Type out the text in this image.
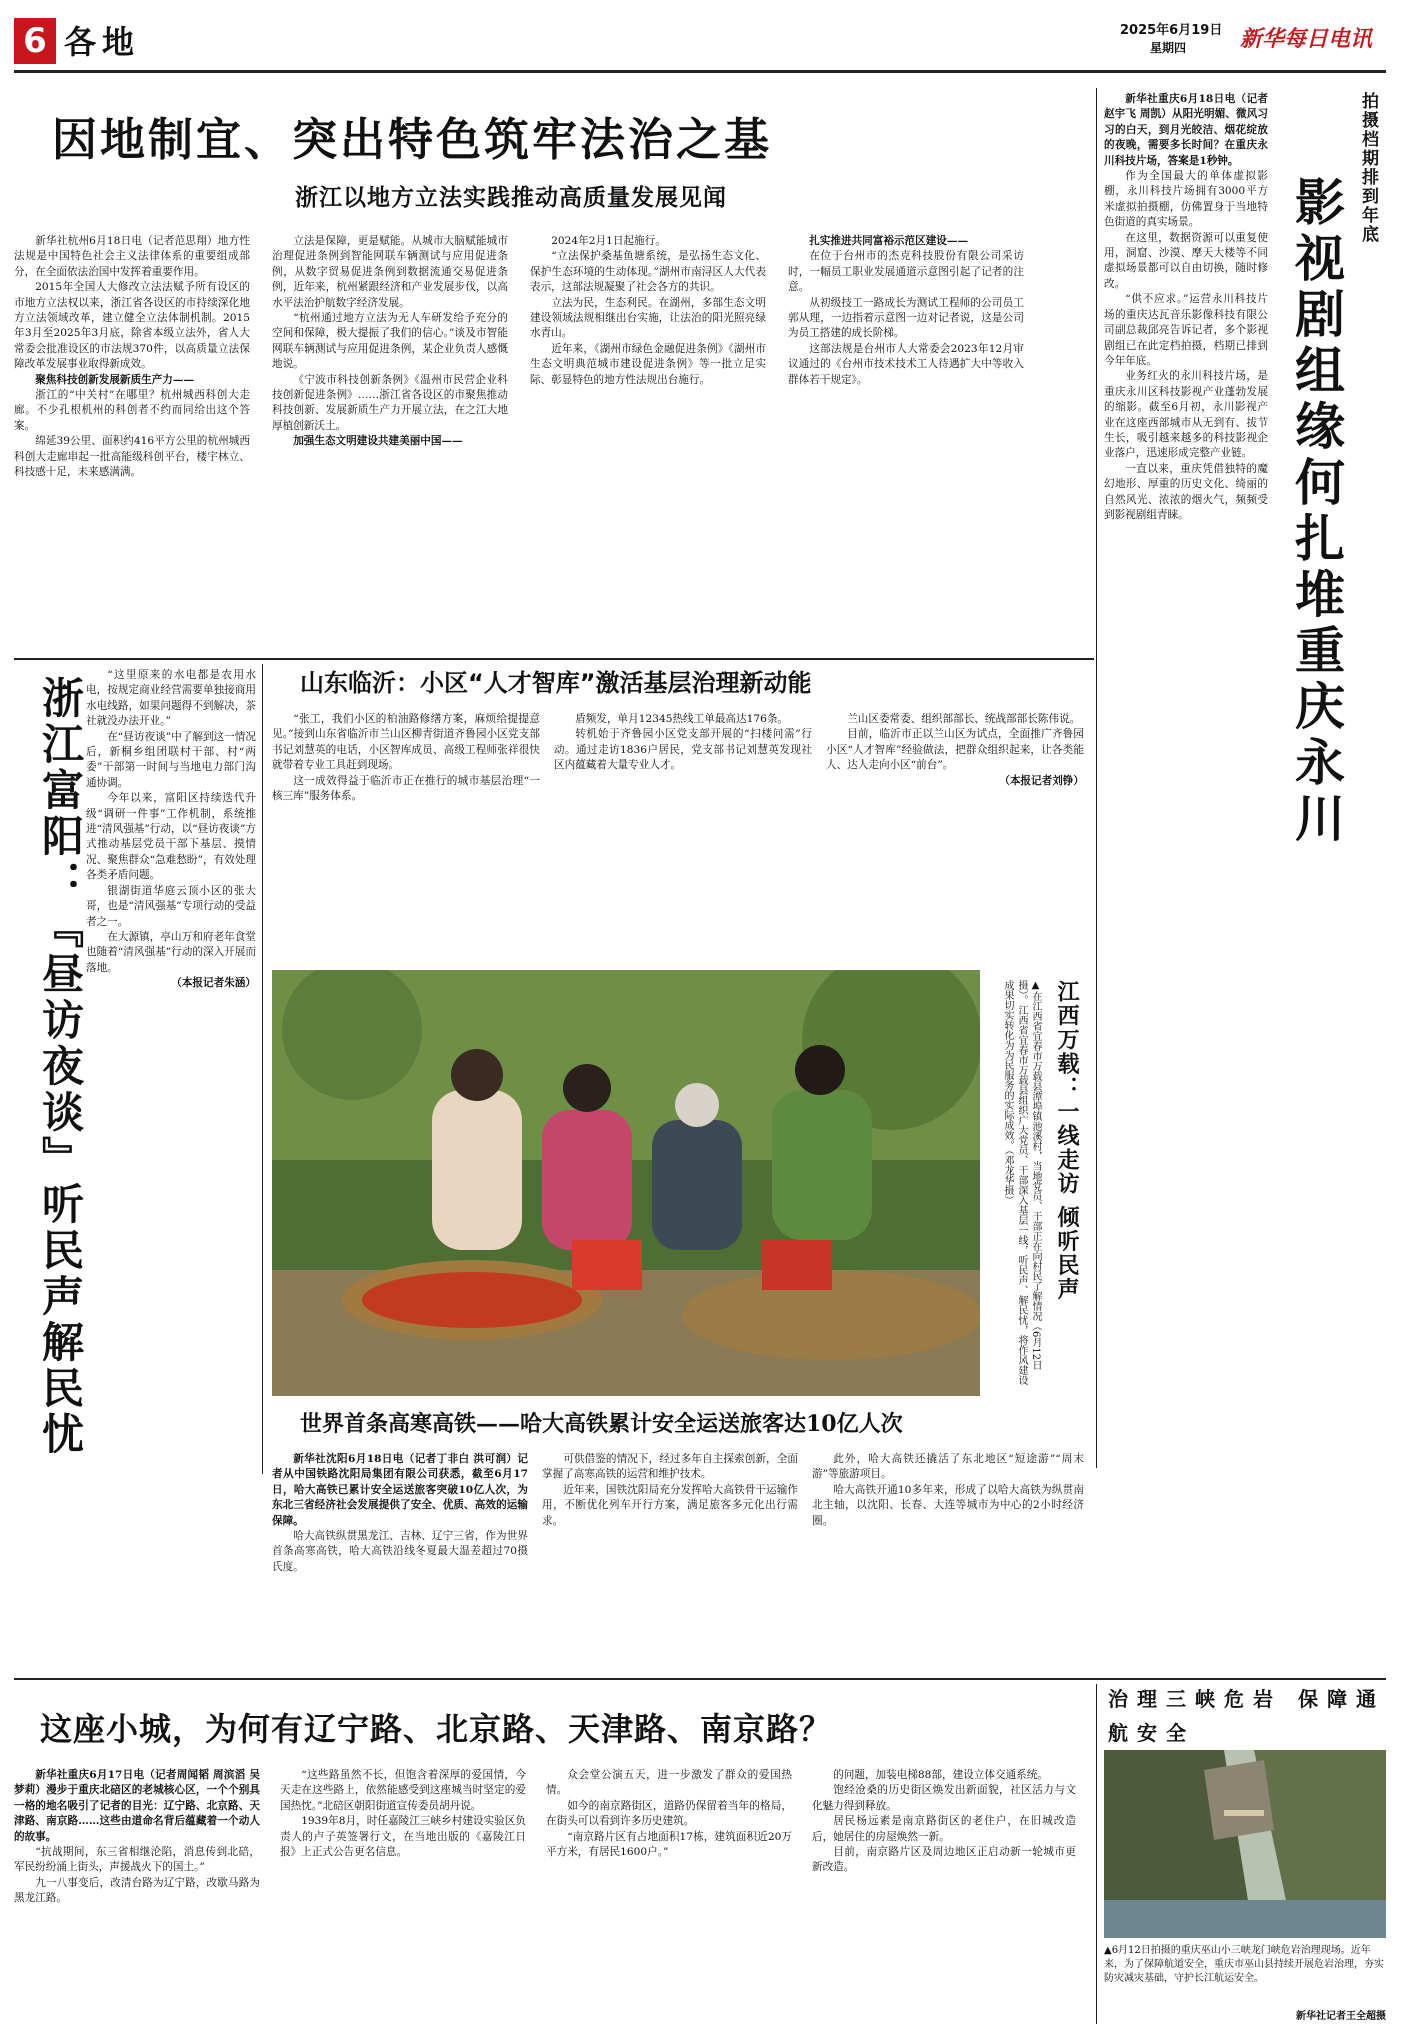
6 各地	2025年6月19日
星期四 新华每日电讯
因地制宜、突出特色筑牢法治之基
浙江以地方立法实践推动高质量发展见闻

新华社杭州6月18日电（记者范思翔）地方性法规是中国特色社会主义法律体系的重要组成部分，在全面依法治国中发挥着重要作用。

2015年全国人大修改立法法赋予所有设区的市地方立法权以来，浙江省各设区的市持续深化地方立法领域改革，建立健全立法体制机制。2015年3月至2025年3月底，除省本级立法外，省人大常委会批准设区的市法规370件，以高质量立法保障改革发展事业取得新成效。

聚焦科技创新发展新质生产力——

浙江的“中关村”在哪里？杭州城西科创大走廊。不少孔根机州的科创者不约而同给出这个答案。

绵延39公里、面积约416平方公里的杭州城西科创大走廊串起一批高能级科创平台，楼宇林立、科技感十足，未来感满满。

立法是保障，更是赋能。从城市大脑赋能城市治理促进条例到智能网联车辆测试与应用促进条例，从数字贸易促进条例到数据流通交易促进条例，近年来，杭州紧跟经济和产业发展步伐，以高水平法治护航数字经济发展。

“杭州通过地方立法为无人车研发给予充分的空间和保障，极大提振了我们的信心。”谈及市智能网联车辆测试与应用促进条例，某企业负责人感慨地说。

《宁波市科技创新条例》《温州市民营企业科技创新促进条例》……浙江省各设区的市聚焦推动科技创新、发展新质生产力开展立法，在之江大地厚植创新沃土。

加强生态文明建设共建美丽中国——

2024年2月1日起施行。

“立法保护桑基鱼塘系统，是弘扬生态文化、保护生态环境的生动体现。”湖州市南浔区人大代表表示，这部法规凝聚了社会各方的共识。

立法为民，生态利民。在湖州，多部生态文明建设领域法规相继出台实施，让法治的阳光照亮绿水青山。

近年来，《湖州市绿色金融促进条例》《湖州市生态文明典范城市建设促进条例》等一批立足实际、彰显特色的地方性法规出台施行。

扎实推进共同富裕示范区建设——

在位于台州市的杰克科技股份有限公司采访时，一幅员工职业发展通道示意图引起了记者的注意。

从初级技工一路成长为测试工程师的公司员工郭从理，一边指着示意图一边对记者说，这是公司为员工搭建的成长阶梯。

这部法规是台州市人大常委会2023年12月审议通过的《台州市技术技术工人待遇扩大中等收入群体若干规定》。

拍摄档期排到年底
影视剧组缘何扎堆重庆永川

新华社重庆6月18日电（记者赵宇飞 周凯）从阳光明媚、微风习习的白天，到月光皎洁、烟花绽放的夜晚，需要多长时间？在重庆永川科技片场，答案是1秒钟。

作为全国最大的单体虚拟影棚，永川科技片场拥有3000平方米虚拟拍摄棚，仿佛置身于当地特色街道的真实场景。

在这里，数据资源可以重复使用，洞窟、沙漠、摩天大楼等不同虚拟场景都可以自由切换，随时修改。

“供不应求。”运营永川科技片场的重庆达瓦音乐影像科技有限公司副总裁邱亮告诉记者，多个影视剧组已在此定档拍摄，档期已排到今年年底。

业务红火的永川科技片场，是重庆永川区科技影视产业蓬勃发展的缩影。截至6月初，永川影视产业在这座西部城市从无到有、拔节生长，吸引越来越多的科技影视企业落户，迅速形成完整产业链。

一直以来，重庆凭借独特的魔幻地形、厚重的历史文化、绮丽的自然风光、浓浓的烟火气，频频受到影视剧组青睐。

山东临沂：小区“人才智库”激活基层治理新动能

“张工，我们小区的柏油路修缮方案，麻烦给提提意见。”接到山东省临沂市兰山区柳青街道齐鲁园小区党支部书记刘慧英的电话，小区智库成员、高级工程师张祥很快就带着专业工具赶到现场。

这一成效得益于临沂市正在推行的城市基层治理“一核三库”服务体系。

盾频发，单月12345热线工单最高达176条。

转机始于齐鲁园小区党支部开展的“扫楼问需”行动。通过走访1836户居民，党支部书记刘慧英发现社区内蕴藏着大量专业人才。

兰山区委常委、组织部部长、统战部部长陈伟说。

目前，临沂市正以兰山区为试点，全面推广齐鲁园小区“人才智库”经验做法，把群众组织起来，让各类能人、达人走向小区“前台”。

（本报记者刘铮）

浙江富阳：『昼访夜谈』听民声解民忧

“这里原来的水电都是农用水电，按规定商业经营需要单独接商用水电线路，如果问题得不到解决，茶社就没办法开业。”

在“昼访夜谈”中了解到这一情况后，新桐乡组团联村干部、村“两委”干部第一时间与当地电力部门沟通协调。

今年以来，富阳区持续迭代升级“调研一件事”工作机制，系统推进“清风强基”行动，以“昼访夜谈”方式推动基层党员干部下基层、摸情况、聚焦群众“急难愁盼”，有效处理各类矛盾问题。

银湖街道华庭云顶小区的张大哥，也是“清风强基”专项行动的受益者之一。

在大源镇，亭山万和府老年食堂也随着“清风强基”行动的深入开展而落地。

（本报记者朱涵）	江西万载：一线走访 倾听民声
▲在江西省宜春市万载县潭埠镇池溪村，当地党员、干部正在向村民了解情况（6月12日摄）。江西省宜春市万载县组织广大党员、干部深入基层一线，听民声、解民忧，将作风建设成果切实转化为为民服务的实际成效。（邓龙华摄）
世界首条高寒高铁——哈大高铁累计安全运送旅客达10亿人次

新华社沈阳6月18日电（记者丁非白 洪可润）记者从中国铁路沈阳局集团有限公司获悉，截至6月17日，哈大高铁已累计安全运送旅客突破10亿人次，为东北三省经济社会发展提供了安全、优质、高效的运输保障。

哈大高铁纵贯黑龙江、吉林、辽宁三省，作为世界首条高寒高铁，哈大高铁沿线冬夏最大温差超过70摄氏度。

可供借鉴的情况下，经过多年自主探索创新，全面掌握了高寒高铁的运营和维护技术。

近年来，国铁沈阳局充分发挥哈大高铁骨干运输作用，不断优化列车开行方案，满足旅客多元化出行需求。

此外，哈大高铁还撬活了东北地区“短途游”“周末游”等旅游项目。

哈大高铁开通10多年来，形成了以哈大高铁为纵贯南北主轴，以沈阳、长春、大连等城市为中心的2小时经济圈。

这座小城，为何有辽宁路、北京路、天津路、南京路？

新华社重庆6月17日电（记者周闻韬 周滨滔 吴梦莉）漫步于重庆北碚区的老城核心区，一个个别具一格的地名吸引了记者的目光：辽宁路、北京路、天津路、南京路……这些由道命名背后蕴藏着一个动人的故事。

“抗战期间，东三省相继沦陷，消息传到北碚，军民纷纷涌上街头，声援战火下的国土。”

九一八事变后，改清台路为辽宁路，改歇马路为黑龙江路。

“这些路虽然不长，但饱含着深厚的爱国情，今天走在这些路上，依然能感受到这座城当时坚定的爱国热忱。”北碚区朝阳街道宣传委员胡丹说。

1939年8月，时任嘉陵江三峡乡村建设实验区负责人的卢子英签署行文，在当地出版的《嘉陵江日报》上正式公告更名信息。

众会堂公演五天，进一步激发了群众的爱国热情。

如今的南京路街区，道路仍保留着当年的格局，在街头可以看到许多历史建筑。

“南京路片区有占地面积17栋，建筑面积近20万平方米，有居民1600户。”

的问题，加装电梯88部，建设立体交通系统。

饱经沧桑的历史街区焕发出新面貌，社区活力与文化魅力得到释放。

居民杨远素是南京路街区的老住户，在旧城改造后，她居住的房屋焕然一新。

目前，南京路片区及周边地区正启动新一轮城市更新改造。

治理三峡危岩 保障通航安全
▲6月12日拍摄的重庆巫山小三峡龙门峡危岩治理现场。近年来，为了保障航道安全，重庆市巫山县持续开展危岩治理，夯实防灾减灾基础，守护长江航运安全。
新华社记者王全超摄
